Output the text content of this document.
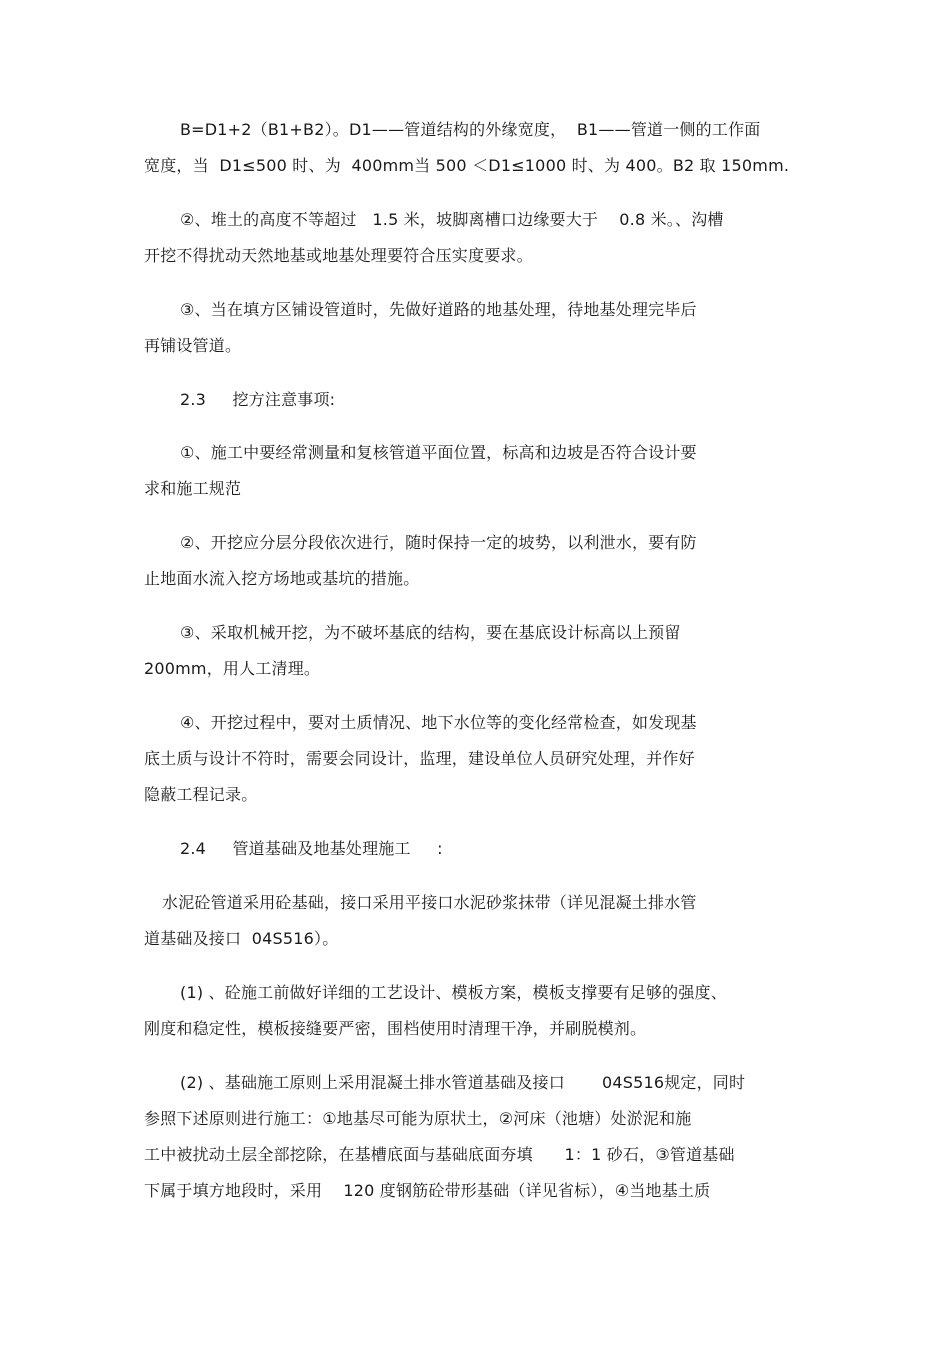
B=D1+2（B1+B2）。D1——管道结构的外缘宽度，  B1——管道一侧的工作面
宽度，当  D1≤500 时、为  400mm当 500 ＜D1≤1000 时、为 400。B2 取 150mm.
②、堆土的高度不等超过   1.5 米，坡脚离槽口边缘要大于    0.8 米。、沟槽
开挖不得扰动天然地基或地基处理要符合压实度要求。
③、当在填方区铺设管道时，先做好道路的地基处理，待地基处理完毕后
再铺设管道。
2.3     挖方注意事项:
①、施工中要经常测量和复核管道平面位置，标高和边坡是否符合设计要
求和施工规范
②、开挖应分层分段依次进行，随时保持一定的坡势，以利泄水，要有防
止地面水流入挖方场地或基坑的措施。
③、采取机械开挖，为不破坏基底的结构，要在基底设计标高以上预留
200mm，用人工清理。
④、开挖过程中，要对土质情况、地下水位等的变化经常检查，如发现基
底土质与设计不符时，需要会同设计，监理，建设单位人员研究处理，并作好
隐蔽工程记录。
2.4     管道基础及地基处理施工     :
水泥砼管道采用砼基础，接口采用平接口水泥砂浆抹带（详见混凝土排水管
道基础及接口  04S516）。
(1) 、砼施工前做好详细的工艺设计、模板方案，模板支撑要有足够的强度、
刚度和稳定性，模板接缝要严密，围档使用时清理干净，并刷脱模剂。
(2) 、基础施工原则上采用混凝土排水管道基础及接口       04S516规定，同时
参照下述原则进行施工：①地基尽可能为原状土，②河床（池塘）处淤泥和施
工中被扰动土层全部挖除，在基槽底面与基础底面夯填      1：1 砂石，③管道基础
下属于填方地段时，采用    120 度钢筋砼带形基础（详见省标），④当地基土质
